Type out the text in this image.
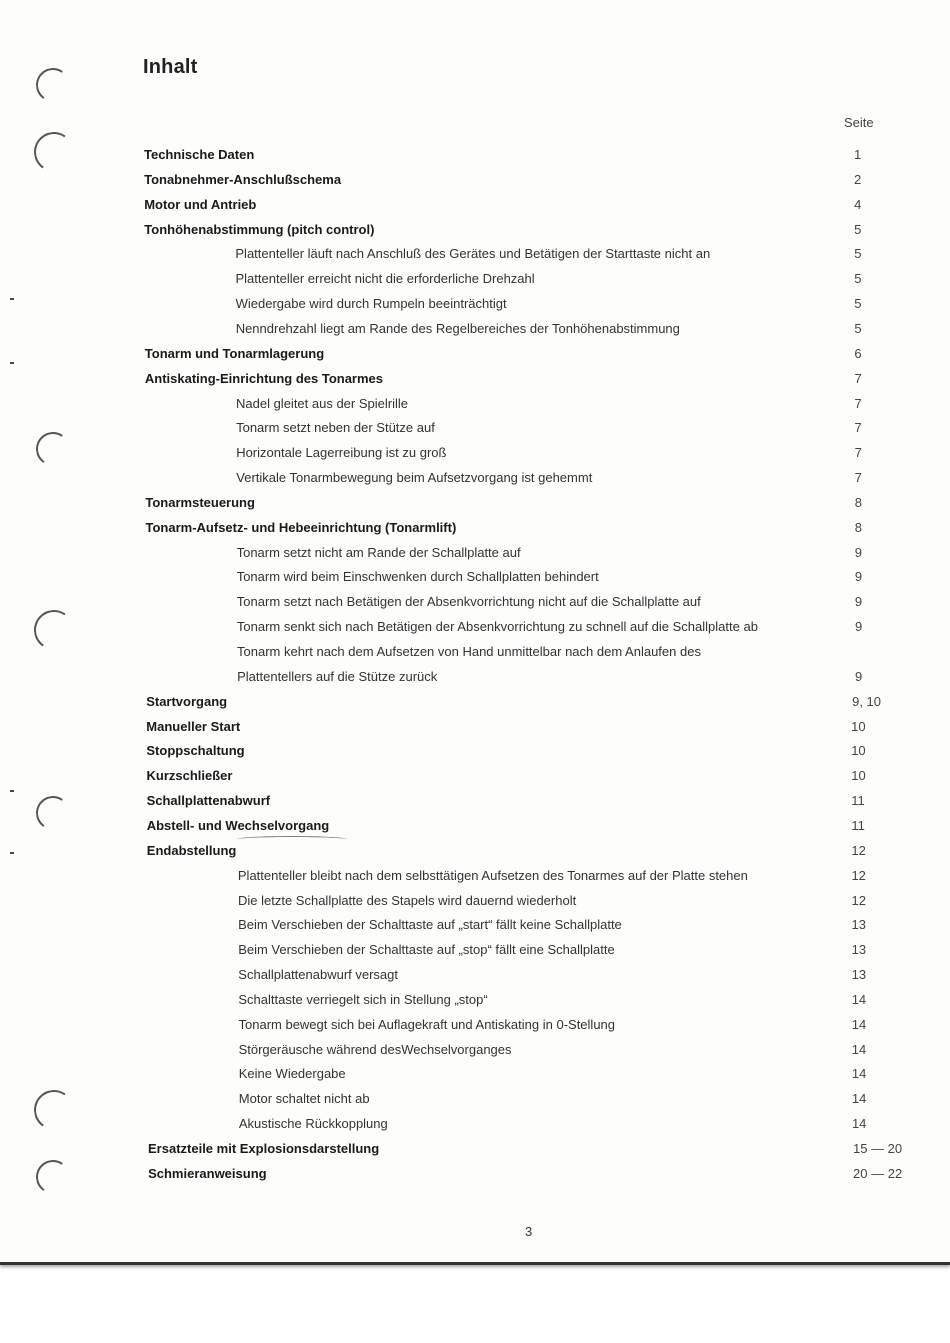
Inhalt
Seite
Technische Daten	1
Tonabnehmer-Anschlußschema	2
Motor und Antrieb	4
Tonhöhenabstimmung (pitch control)	5
Plattenteller läuft nach Anschluß des Gerätes und Betätigen der Starttaste nicht an	5
Plattenteller erreicht nicht die erforderliche Drehzahl	5
Wiedergabe wird durch Rumpeln beeinträchtigt	5
Nenndrehzahl liegt am Rande des Regelbereiches der Tonhöhenabstimmung	5
Tonarm und Tonarmlagerung	6
Antiskating-Einrichtung des Tonarmes	7
Nadel gleitet aus der Spielrille	7
Tonarm setzt neben der Stütze auf	7
Horizontale Lagerreibung ist zu groß	7
Vertikale Tonarmbewegung beim Aufsetzvorgang ist gehemmt	7
Tonarmsteuerung	8
Tonarm-Aufsetz- und Hebeeinrichtung (Tonarmlift)	8
Tonarm setzt nicht am Rande der Schallplatte auf	9
Tonarm wird beim Einschwenken durch Schallplatten behindert	9
Tonarm setzt nach Betätigen der Absenkvorrichtung nicht auf die Schallplatte auf	9
Tonarm senkt sich nach Betätigen der Absenkvorrichtung zu schnell auf die Schallplatte ab	9
Tonarm kehrt nach dem Aufsetzen von Hand unmittelbar nach dem Anlaufen des
Plattentellers auf die Stütze zurück	9
Startvorgang	9, 10
Manueller Start	10
Stoppschaltung	10
Kurzschließer	10
Schallplattenabwurf	11
Abstell- und Wechselvorgang	11
Endabstellung	12
Plattenteller bleibt nach dem selbsttätigen Aufsetzen des Tonarmes auf der Platte stehen	12
Die letzte Schallplatte des Stapels wird dauernd wiederholt	12
Beim Verschieben der Schalttaste auf „start“ fällt keine Schallplatte	13
Beim Verschieben der Schalttaste auf „stop“ fällt eine Schallplatte	13
Schallplattenabwurf versagt	13
Schalttaste verriegelt sich in Stellung „stop“	14
Tonarm bewegt sich bei Auflagekraft und Antiskating in 0-Stellung	14
Störgeräusche während desWechselvorganges	14
Keine Wiedergabe	14
Motor schaltet nicht ab	14
Akustische Rückkopplung	14
Ersatzteile mit Explosionsdarstellung	15 — 20
Schmieranweisung	20 — 22
3
